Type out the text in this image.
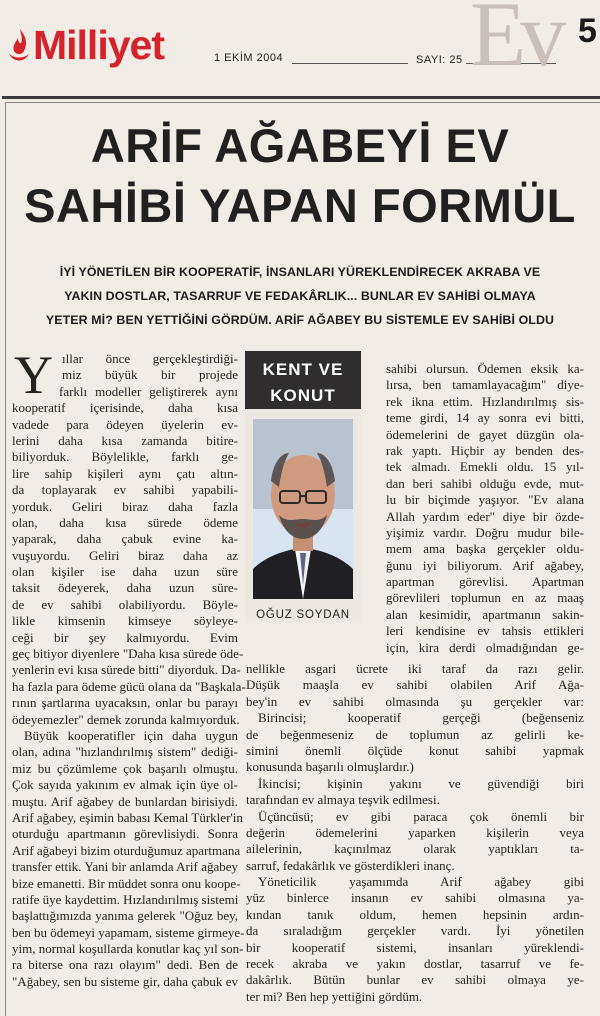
Milliyet	1 EKİM 2004	SAYI: 25 Ev 5
ARİF AĞABEYİ EV
SAHİBİ YAPAN FORMÜL
İYİ YÖNETİLEN BİR KOOPERATİF, İNSANLARI YÜREKLENDİRECEK AKRABA VE
YAKIN DOSTLAR, TASARRUF VE FEDAKÂRLIK... BUNLAR EV SAHİBİ OLMAYA
YETER Mİ? BEN YETTİĞİNİ GÖRDÜM. ARİF AĞABEY BU SİSTEMLE EV SAHİBİ OLDU
Y ıllar önce gerçekleştirdiği-
miz büyük bir projede
farklı modeller geliştirerek aynı
kooperatif içerisinde, daha kısa
vadede para ödeyen üyelerin ev-
lerini daha kısa zamanda bitire-
biliyorduk. Böylelikle, farklı ge-
lire sahip kişileri aynı çatı altın-
da toplayarak ev sahibi yapabili-
yorduk. Geliri biraz daha fazla
olan, daha kısa sürede ödeme
yaparak, daha çabuk evine ka-
vuşuyordu. Geliri biraz daha az
olan kişiler ise daha uzun süre
taksit ödeyerek, daha uzun süre-
de ev sahibi olabiliyordu. Böyle-
likle kimsenin kimseye söyleye-
ceği bir şey kalmıyordu. Evim
geç bitiyor diyenlere "Daha kısa sürede öde-
yenlerin evi kısa sürede bitti" diyorduk. Da-
ha fazla para ödeme gücü olana da "Başkala-
rının şartlarına uyacaksın, onlar bu parayı
ödeyemezler" demek zorunda kalmıyorduk.
Büyük kooperatifler için daha uygun
olan, adına "hızlandırılmış sistem" dediği-
miz bu çözümleme çok başarılı olmuştu.
Çok sayıda yakınım ev almak için üye ol-
muştu. Arif ağabey de bunlardan birisiydi.
Arif ağabey, eşimin babası Kemal Türkler'in
oturduğu apartmanın görevlisiydi. Sonra
Arif ağabeyi bizim oturduğumuz apartmana
transfer ettik. Yani bir anlamda Arif ağabey
bize emanetti. Bir müddet sonra onu koope-
ratife üye kaydettim. Hızlandırılmış sistemi
başlattığımızda yanıma gelerek "Oğuz bey,
ben bu ödemeyi yapamam, sisteme girmeye-
yim, normal koşullarda konutlar kaç yıl son-
ra biterse ona razı olayım" dedi. Ben de
"Ağabey, sen bu sisteme gir, daha çabuk ev
KENT VE
KONUT
OĞUZ SOYDAN
sahibi olursun. Ödemen eksik ka-
lırsa, ben tamamlayacağım" diye-
rek ikna ettim. Hızlandırılmış sis-
teme girdi, 14 ay sonra evi bitti,
ödemelerini de gayet düzgün ola-
rak yaptı. Hiçbir ay benden des-
tek almadı. Emekli oldu. 15 yıl-
dan beri sahibi olduğu evde, mut-
lu bir biçimde yaşıyor. "Ev alana
Allah yardım eder" diye bir özde-
yişimiz vardır. Doğru mudur bile-
mem ama başka gerçekler oldu-
ğunu iyi biliyorum. Arif ağabey,
apartman görevlisi. Apartman
görevlileri toplumun en az maaş
alan kesimidir, apartmanın sakin-
leri kendisine ev tahsis ettikleri
için, kira derdi olmadığından ge-
nellikle asgari ücrete iki taraf da razı gelir.
Düşük maaşla ev sahibi olabilen Arif Ağa-
bey'in ev sahibi olmasında şu gerçekler var:
Birincisi; kooperatif gerçeği (beğenseniz
de beğenmeseniz de toplumun az gelirli ke-
simini önemli ölçüde konut sahibi yapmak
konusunda başarılı olmuşlardır.)
İkincisi; kişinin yakını ve güvendiği biri
tarafından ev almaya teşvik edilmesi.
Üçüncüsü; ev gibi paraca çok önemli bir
değerin ödemelerini yaparken kişilerin veya
ailelerinin, kaçınılmaz olarak yaptıkları ta-
sarruf, fedakârlık ve gösterdikleri inanç.
Yöneticilik yaşamımda Arif ağabey gibi
yüz binlerce insanın ev sahibi olmasına ya-
kından tanık oldum, hemen hepsinin ardın-
da sıraladığım gerçekler vardı. İyi yönetilen
bir kooperatif sistemi, insanları yüreklendi-
recek akraba ve yakın dostlar, tasarruf ve fe-
dakârlık. Bütün bunlar ev sahibi olmaya ye-
ter mi? Ben hep yettiğini gördüm.
